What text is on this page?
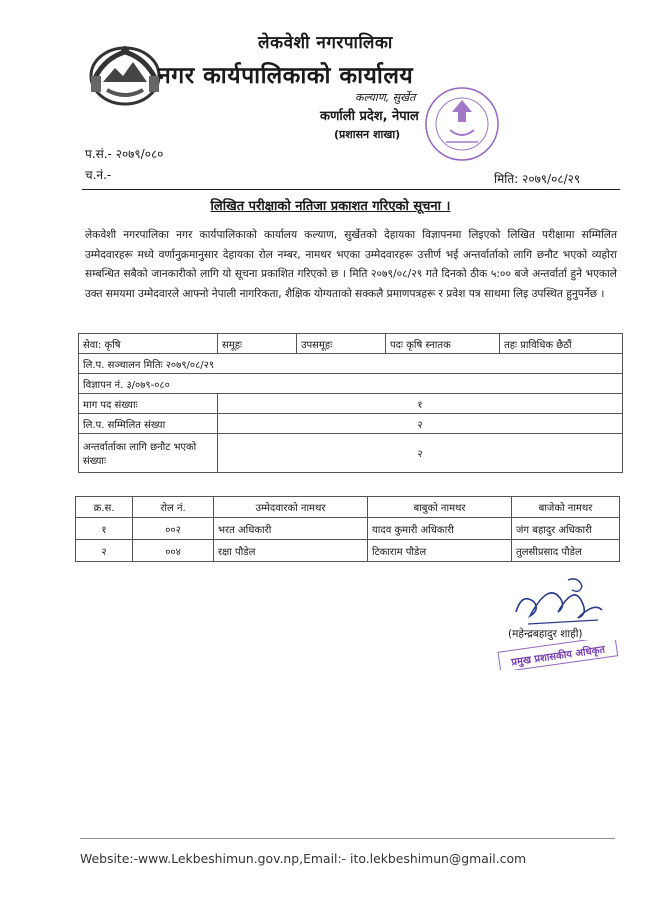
लेकवेशी नगरपालिका
नगर कार्यपालिकाको कार्यालय
कल्याण, सुर्खेत
कर्णाली प्रदेश, नेपाल
(प्रशासन शाखा)
प.सं.- २०७९/०८०
च.नं.-	मिति: २०७९/०८/२९
लिखित परीक्षाको नतिजा प्रकाशत गरिएको सूचना ।
लेकवेशी नगरपालिका नगर कार्यपालिकाको कार्यालय कल्याण, सुर्खेतको देहायका विज्ञापनमा लिइएको लिखित परीक्षामा सम्मिलित उम्मेदवारहरू मध्ये वर्णानुक्रमानुसार देहायका रोल नम्बर, नामथर भएका उम्मेदवारहरू उत्तीर्ण भई अन्तर्वार्ताको लागि छनौट भएको व्यहोरा सम्बन्धित सबैको जानकारीको लागि यो सूचना प्रकाशित गरिएको छ । मिति २०७९/०८/२९ गते दिनको ठीक ५:०० बजे अन्तर्वार्ता हुने भएकाले उक्त समयमा उम्मेदवारले आफ्नो नेपाली नागरिकता, शैक्षिक योग्यताको सक्कलै प्रमाणपत्रहरू र प्रवेश पत्र साथमा लिइ उपस्थित हुनुपर्नेछ ।
सेवा: कृषि	समूहः	उपसमूहः	पदः कृषि स्नातक	तहः प्राविधिक छैठौं
लि.प. सञ्चालन मितिः २०७९/०८/२९				
विज्ञापन नं. ३/०७९-०८०				
माग पद संख्याः	१			
लि.प. सम्मिलित संख्या	२			
अन्तर्वार्ताका लागि छनौट भएको संख्याः	२			
क्र.स.	रोल नं.	उम्मेदवारको नामथर	बाबुको नामथर	बाजेको नामथर
१	००२	भरत अधिकारी	यादव कुमारी अधिकारी	जंग बहादुर अधिकारी
२	००४	रक्षा पौडेल	टिकाराम पौडेल	तुलसीप्रसाद पौडेल
(महेन्द्रबहादुर शाही)
प्रमुख प्रशासकीय अधिकृत
Website:-www.Lekbeshimun.gov.np,Email:- ito.lekbeshimun@gmail.com
